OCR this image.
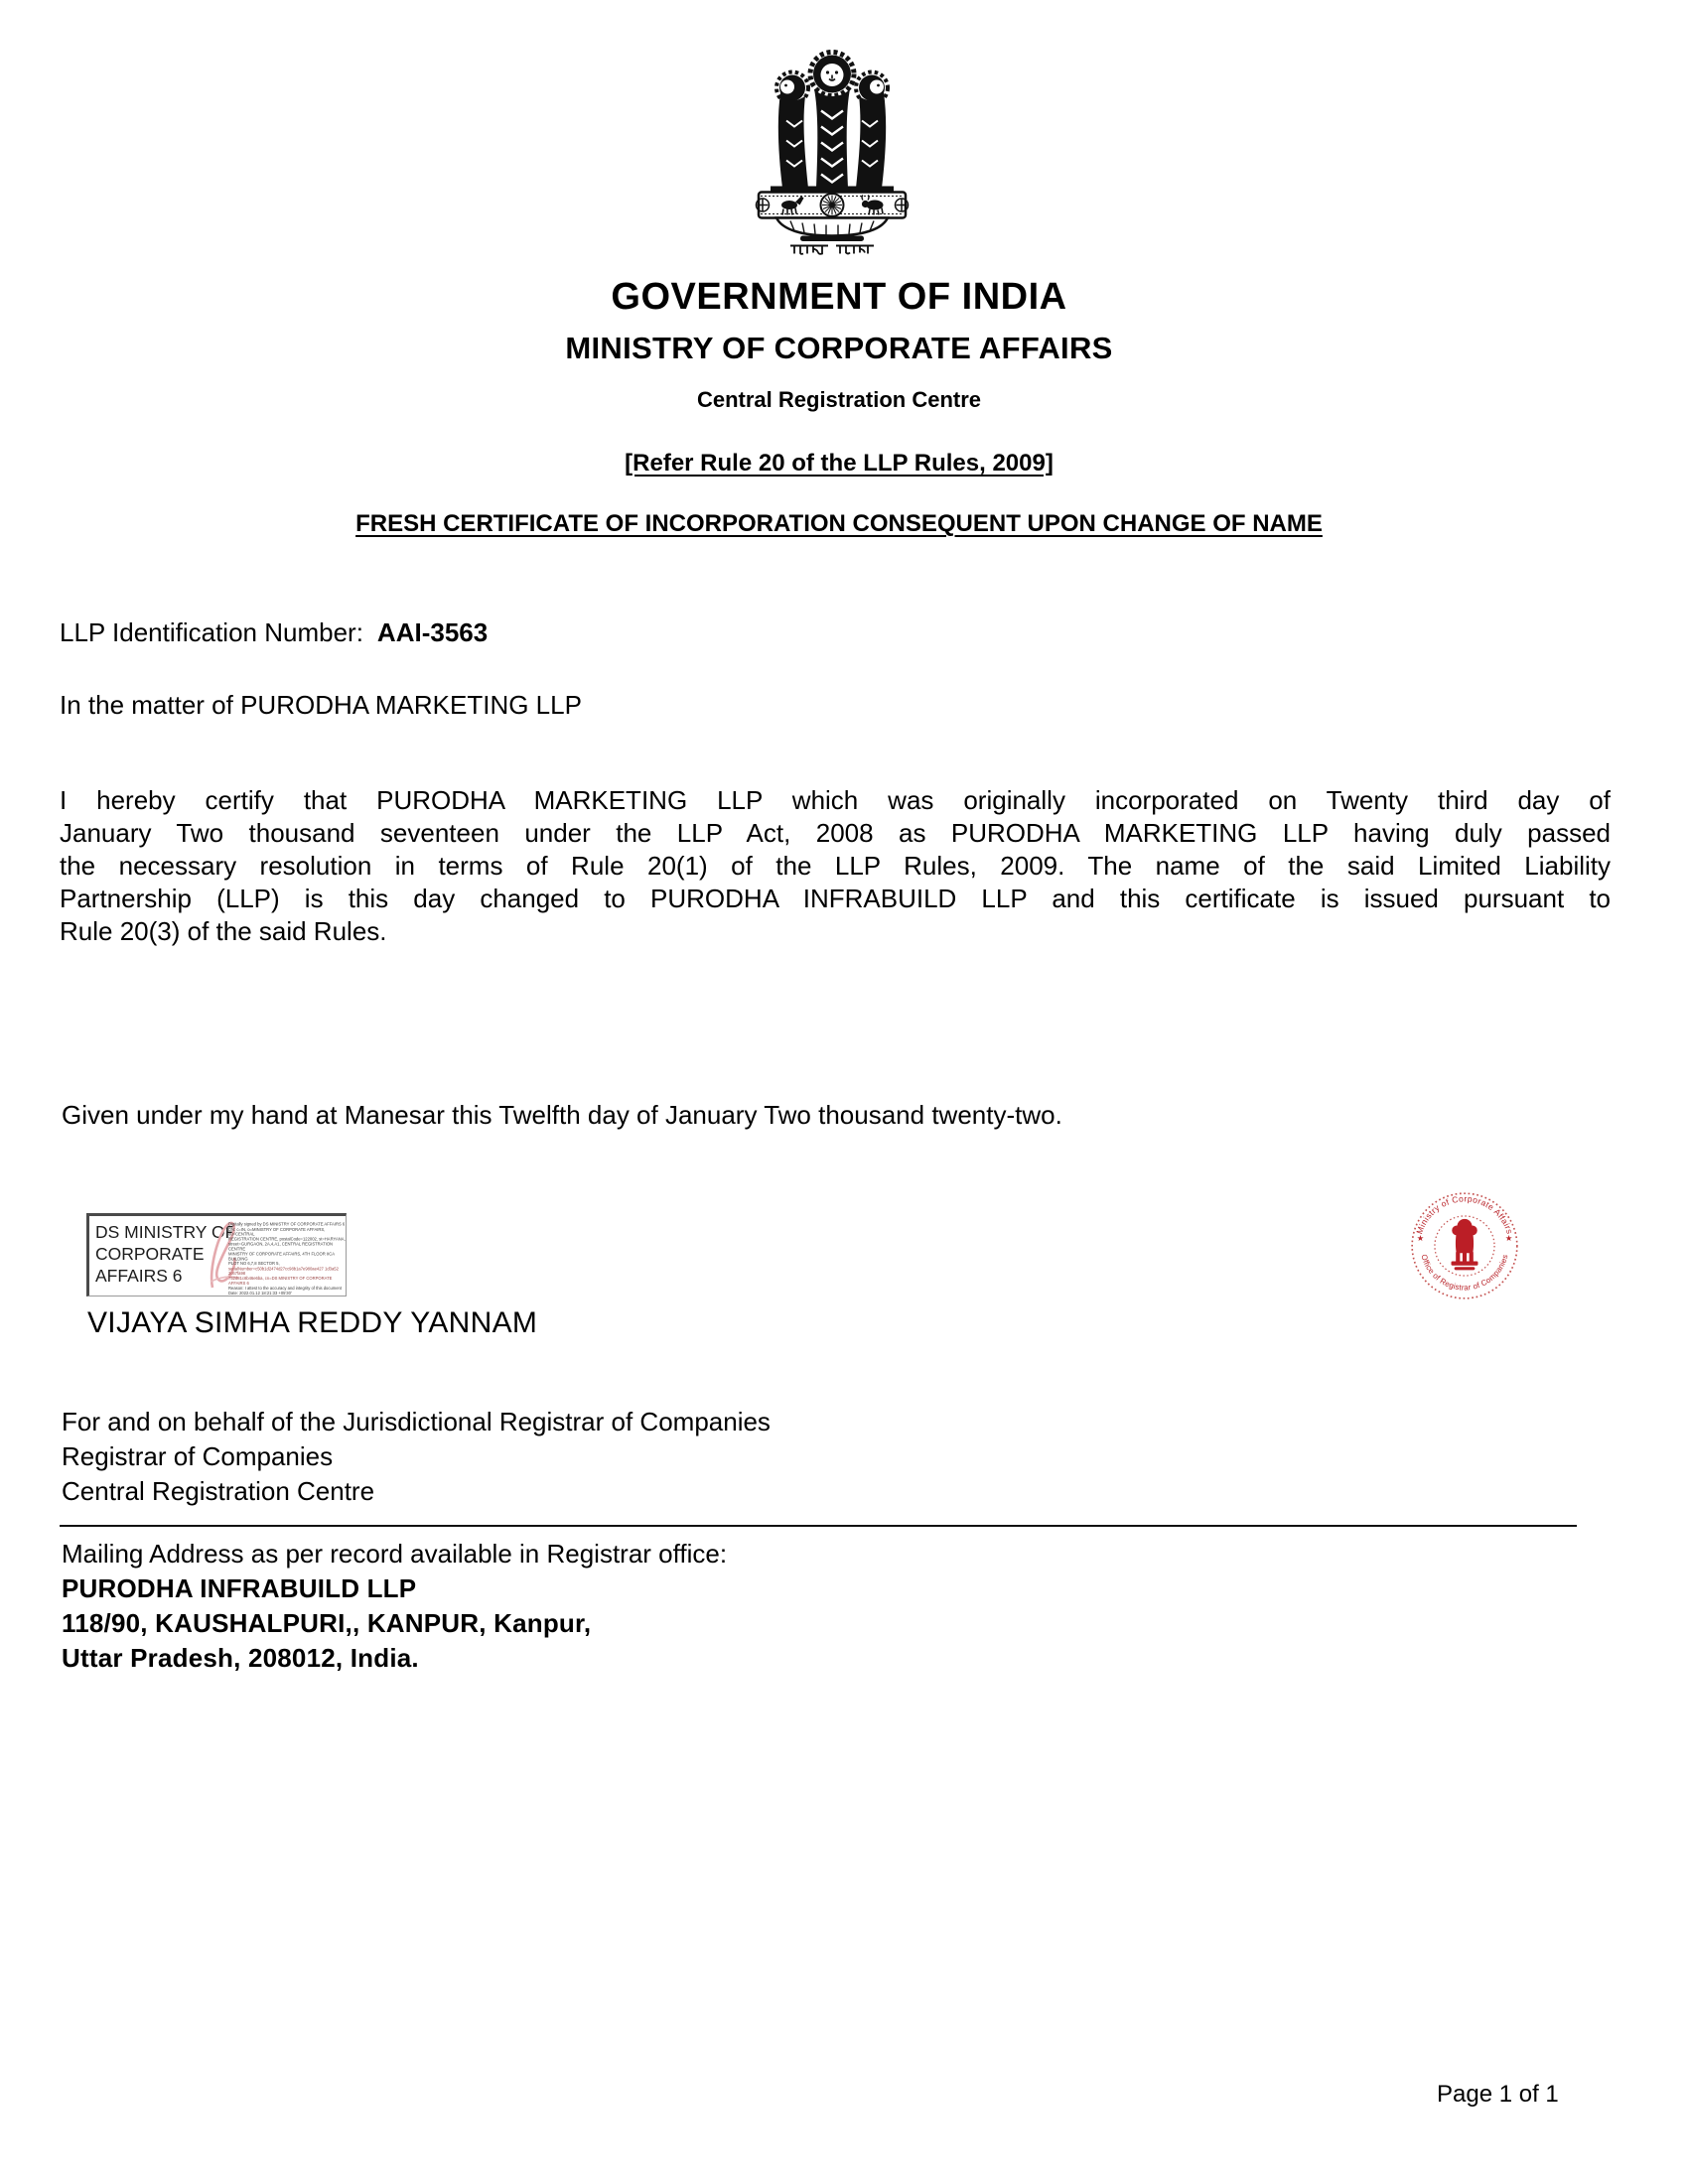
GOVERNMENT OF INDIA
MINISTRY OF CORPORATE AFFAIRS
Central Registration Centre
[Refer Rule 20 of the LLP Rules, 2009]
FRESH CERTIFICATE OF INCORPORATION CONSEQUENT UPON CHANGE OF NAME
LLP Identification Number: AAI-3563
In the matter of PURODHA MARKETING LLP
I hereby certify that PURODHA MARKETING LLP which was originally incorporated on Twenty third day of
January Two thousand seventeen under the LLP Act, 2008 as PURODHA MARKETING LLP having duly passed
the necessary resolution in terms of Rule 20(1) of the LLP Rules, 2009. The name of the said Limited Liability
Partnership (LLP) is this day changed to PURODHA INFRABUILD LLP and this certificate is issued pursuant to
Rule 20(3) of the said Rules.
Given under my hand at Manesar this Twelfth day of January Two thousand twenty-two.
DS MINISTRY OF CORPORATE AFFAIRS 6
Digitally signed by DS MINISTRY OF CORPORATE AFFAIRS 6
DN: c=IN, o=MINISTRY OF CORPORATE AFFAIRS, ou=CENTRAL
REGISTRATION CENTRE, postalCode=122002, st=HARYANA,
street=GURGAON, 2A,4,A1, CENTRAL REGISTRATION CENTRE
MINISTRY OF CORPORATE AFFAIRS, 4TH FLOOR IICA BUILDING
PLOT NO 6,7,8 SECTOR 5,
serialNumber=c50b1d2474d27cc98b1a7e980ae427 1d3a52 2c67fa98
752d81c8b46e6ba, cn=DS MINISTRY OF CORPORATE AFFAIRS 6
Reason: I attest to the accuracy and integrity of this document
Date: 2022.01.12 18:21:33 +05'30'
Ministry of Corporate Affairs
Office of Registrar of Companies
★	★
VIJAYA SIMHA REDDY YANNAM
For and on behalf of the Jurisdictional Registrar of Companies
Registrar of Companies
Central Registration Centre
Mailing Address as per record available in Registrar office:
PURODHA INFRABUILD LLP
118/90, KAUSHALPURI,, KANPUR, Kanpur,
Uttar Pradesh, 208012, India.
Page 1 of 1
